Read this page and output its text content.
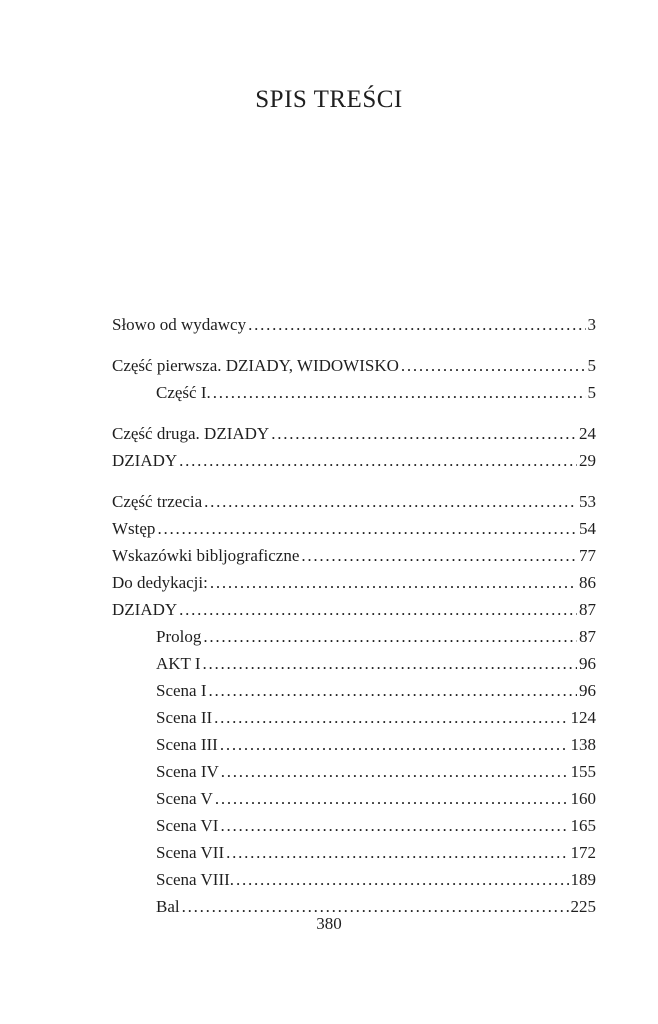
SPIS TREŚCI
Słowo od wydawcy . . .	3
Część pierwsza. DZIADY, WIDOWISKO . . .	5
Część I. . . .	5
Część druga. DZIADY . . .	24
DZIADY . . .	29
Część trzecia . . .	53
Wstęp . . .	54
Wskazówki bibljograficzne . . .	77
Do dedykacji: . . .	86
DZIADY . . .	87
Prolog . . .	87
AKT I . . .	96
Scena I . . .	96
Scena II . . .	124
Scena III . . .	138
Scena IV . . .	155
Scena V . . .	160
Scena VI . . .	165
Scena VII . . .	172
Scena VIII. . . .	189
Bal . . .	225
380
